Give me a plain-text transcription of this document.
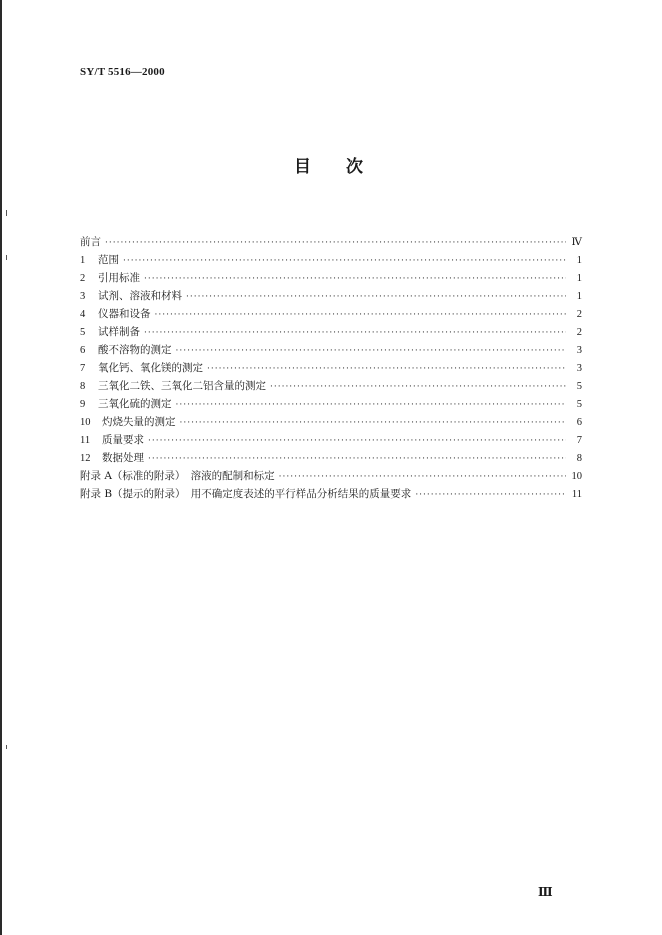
SY/T 5516—2000
目 次
前言 ·····	Ⅳ
1	范围 ·····	1
2	引用标准 ·····	1
3	试剂、溶液和材料 ·····	1
4	仪器和设备 ·····	2
5	试样制备 ·····	2
6	酸不溶物的测定 ·····	3
7	氧化钙、氧化镁的测定 ·····	3
8	三氧化二铁、三氧化二铝含量的测定 ·····	5
9	三氧化硫的测定 ·····	5
10	灼烧失量的测定 ·····	6
11	质量要求 ·····	7
12	数据处理 ·····	8
附录 A（标准的附录）　溶液的配制和标定 ·····	10
附录 B（提示的附录）　用不确定度表述的平行样品分析结果的质量要求 ·····	11
Ⅲ
